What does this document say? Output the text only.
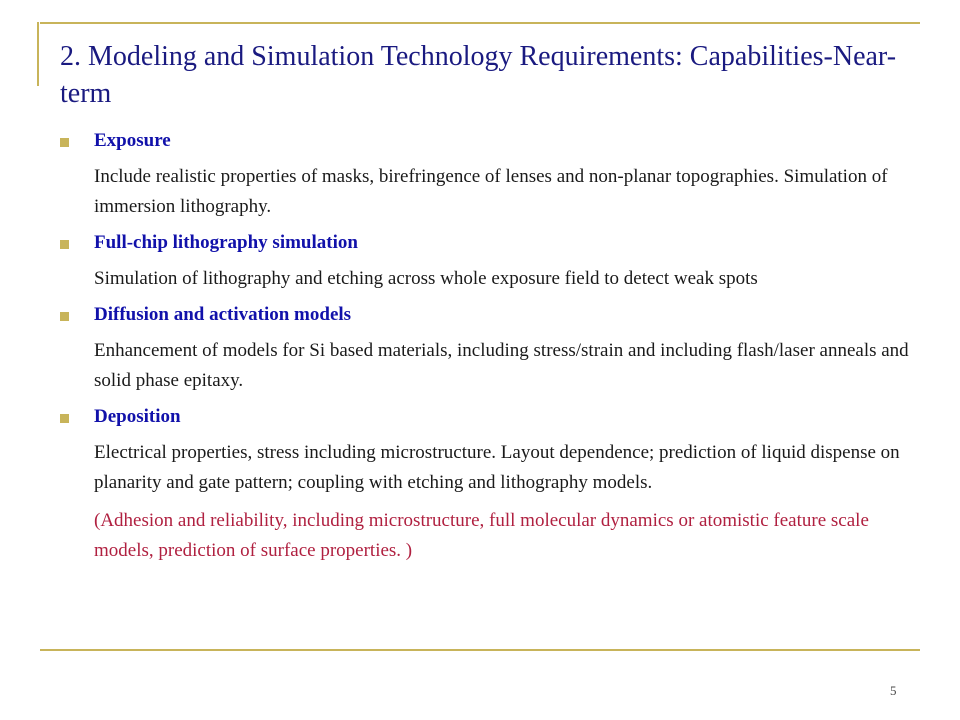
2. Modeling and Simulation Technology Requirements: Capabilities-Near-term
Exposure
Include realistic properties of masks, birefringence of lenses and non-planar topographies. Simulation of immersion lithography.
Full-chip lithography simulation
Simulation of lithography and etching across whole exposure field to detect weak spots
Diffusion and activation models
Enhancement of models for Si based materials, including stress/strain and including flash/laser anneals and solid phase epitaxy.
Deposition
Electrical properties, stress including microstructure. Layout dependence; prediction of liquid dispense on planarity and gate pattern; coupling with etching and lithography models.
(Adhesion and reliability, including microstructure, full molecular dynamics or atomistic feature scale models, prediction of surface properties. )
5
